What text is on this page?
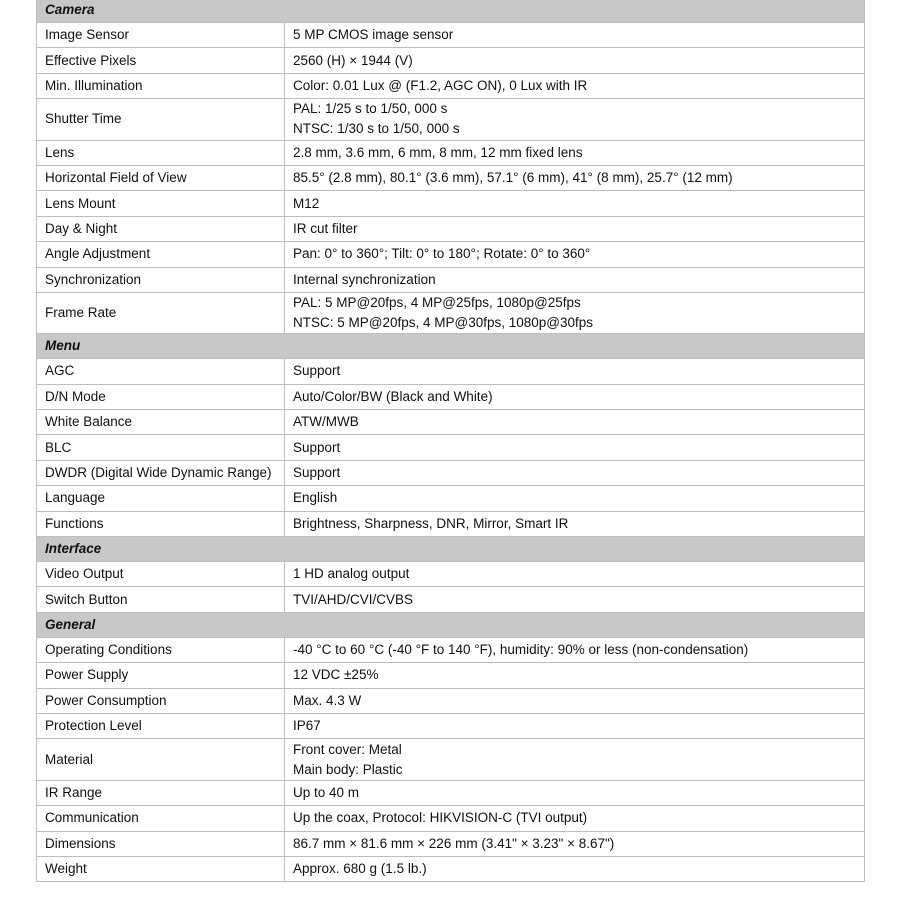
Camera	
Image Sensor	5 MP CMOS image sensor

Effective Pixels	2560 (H) × 1944 (V)

Min. Illumination	Color: 0.01 Lux @ (F1.2, AGC ON), 0 Lux with IR

Shutter Time	PAL: 1/25 s to 1/50, 000 s
NTSC: 1/30 s to 1/50, 000 s

Lens	2.8 mm, 3.6 mm, 6 mm, 8 mm, 12 mm fixed lens

Horizontal Field of View	85.5° (2.8 mm), 80.1° (3.6 mm), 57.1° (6 mm), 41° (8 mm), 25.7° (12 mm)

Lens Mount	M12

Day & Night	IR cut filter

Angle Adjustment	Pan: 0° to 360°; Tilt: 0° to 180°; Rotate: 0° to 360°

Synchronization	Internal synchronization

Frame Rate	PAL: 5 MP@20fps, 4 MP@25fps, 1080p@25fps
NTSC: 5 MP@20fps, 4 MP@30fps, 1080p@30fps

Menu	
AGC	Support

D/N Mode	Auto/Color/BW (Black and White)

White Balance	ATW/MWB

BLC	Support

DWDR (Digital Wide Dynamic Range)	Support

Language	English

Functions	Brightness, Sharpness, DNR, Mirror, Smart IR

Interface	
Video Output	1 HD analog output

Switch Button	TVI/AHD/CVI/CVBS

General	
Operating Conditions	-40 °C to 60 °C (-40 °F to 140 °F), humidity: 90% or less (non-condensation)

Power Supply	12 VDC ±25%

Power Consumption	Max. 4.3 W

Protection Level	IP67

Material	Front cover: Metal
Main body: Plastic

IR Range	Up to 40 m

Communication	Up the coax, Protocol: HIKVISION-C (TVI output)

Dimensions	86.7 mm × 81.6 mm × 226 mm (3.41" × 3.23" × 8.67")

Weight	Approx. 680 g (1.5 lb.)
